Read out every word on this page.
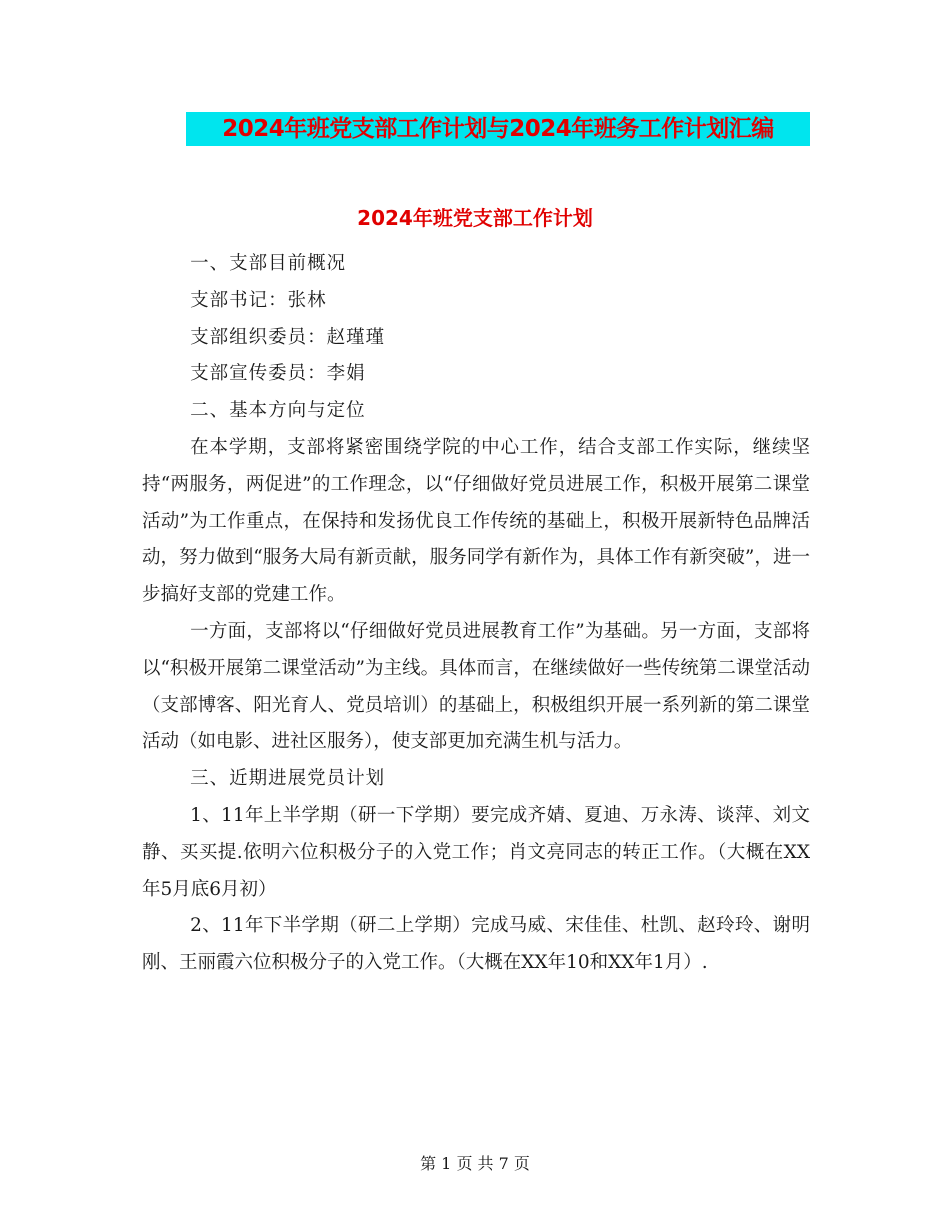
2024年班党支部工作计划与2024年班务工作计划汇编
2024年班党支部工作计划

一、支部目前概况

支部书记：张林

支部组织委员：赵瑾瑾

支部宣传委员：李娟

二、基本方向与定位

在本学期，支部将紧密围绕学院的中心工作，结合支部工作实际，继续坚持“两服务，两促进”的工作理念，以“仔细做好党员进展工作，积极开展第二课堂活动”为工作重点，在保持和发扬优良工作传统的基础上，积极开展新特色品牌活动，努力做到“服务大局有新贡献，服务同学有新作为，具体工作有新突破”，进一步搞好支部的党建工作。

一方面，支部将以“仔细做好党员进展教育工作”为基础。另一方面，支部将以“积极开展第二课堂活动”为主线。具体而言，在继续做好一些传统第二课堂活动（支部博客、阳光育人、党员培训）的基础上，积极组织开展一系列新的第二课堂活动（如电影、进社区服务），使支部更加充满生机与活力。

三、近期进展党员计划

1、11年上半学期（研一下学期）要完成齐婧、夏迪、万永涛、谈萍、刘文静、买买提.依明六位积极分子的入党工作；肖文亮同志的转正工作。（大概在XX年5月底6月初）

2、11年下半学期（研二上学期）完成马威、宋佳佳、杜凯、赵玲玲、谢明刚、王丽霞六位积极分子的入党工作。（大概在XX年10和XX年1月）.

第 1 页 共 7 页
